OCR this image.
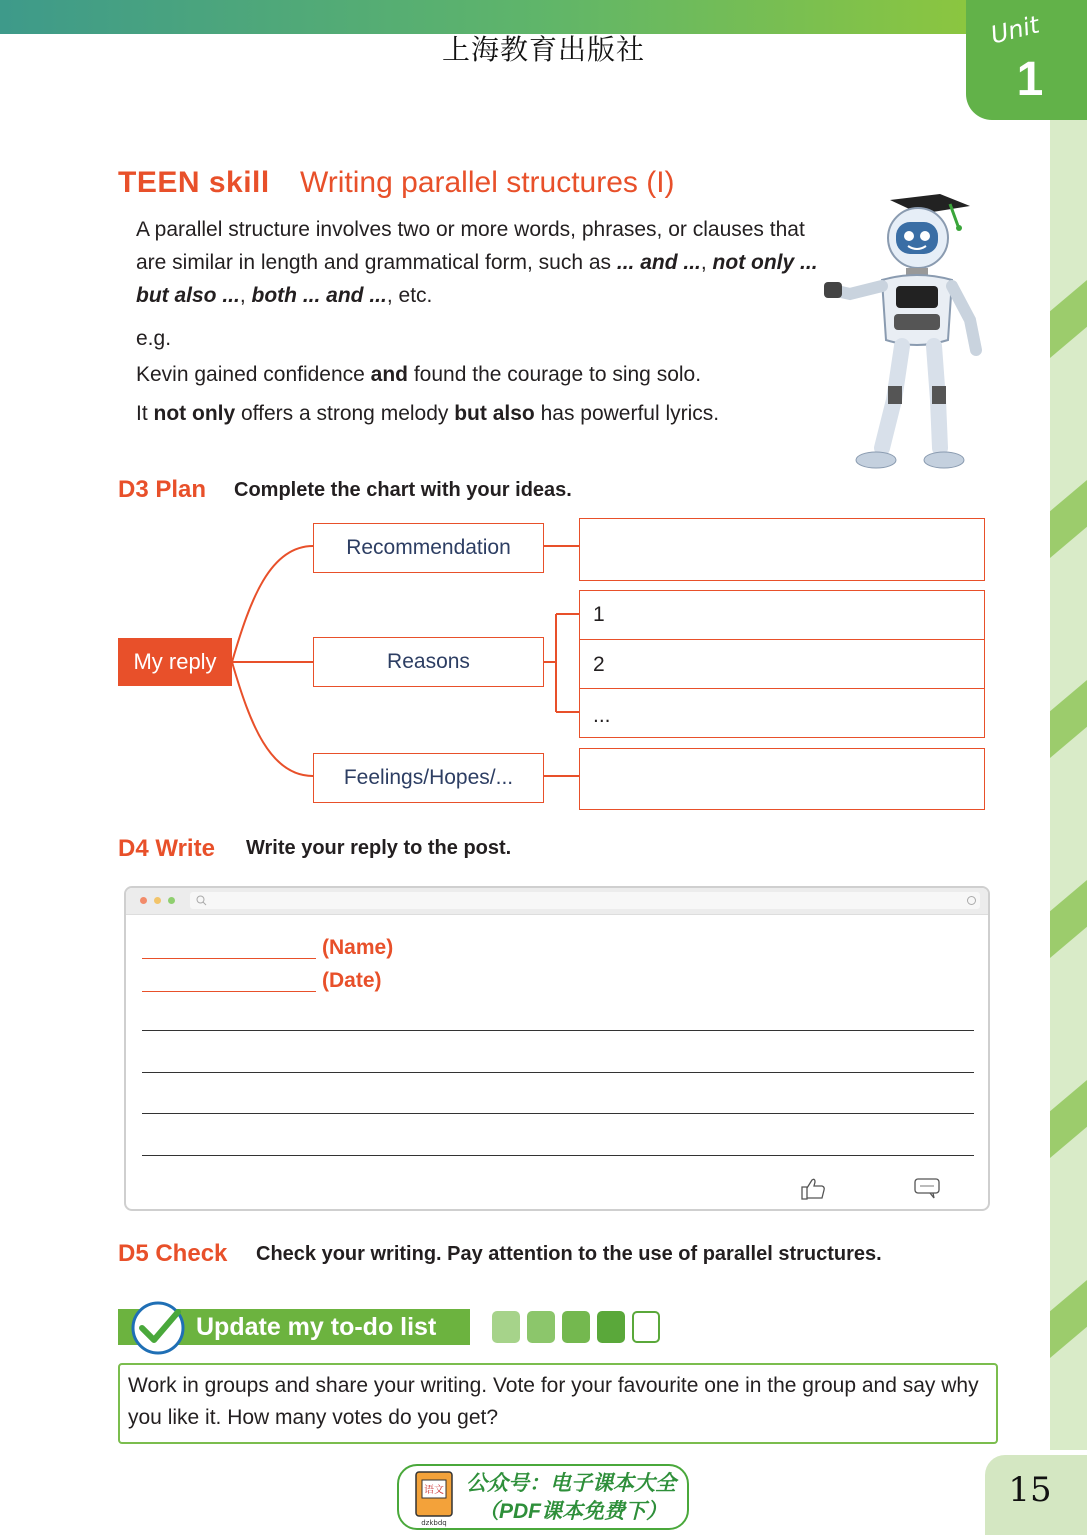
上海教育出版社
Unit
1
TEEN skill Writing parallel structures (I)
A parallel structure involves two or more words, phrases, or clauses that are similar in length and grammatical form, such as ... and ..., not only ... but also ..., both ... and ..., etc.
e.g.
Kevin gained confidence and found the courage to sing solo.
It not only offers a strong melody but also has powerful lyrics.
D3 Plan Complete the chart with your ideas.
My reply
Recommendation
Reasons
1
2
...
Feelings/Hopes/...
D4 Write Write your reply to the post.
(Name)
(Date)
D5 Check Check your writing. Pay attention to the use of parallel structures.
Update my to-do list
Work in groups and share your writing. Vote for your favourite one in the group and say why you like it. How many votes do you get?
语文
dzkbdq
公众号：电子课本大全
（PDF课本免费下）
15
